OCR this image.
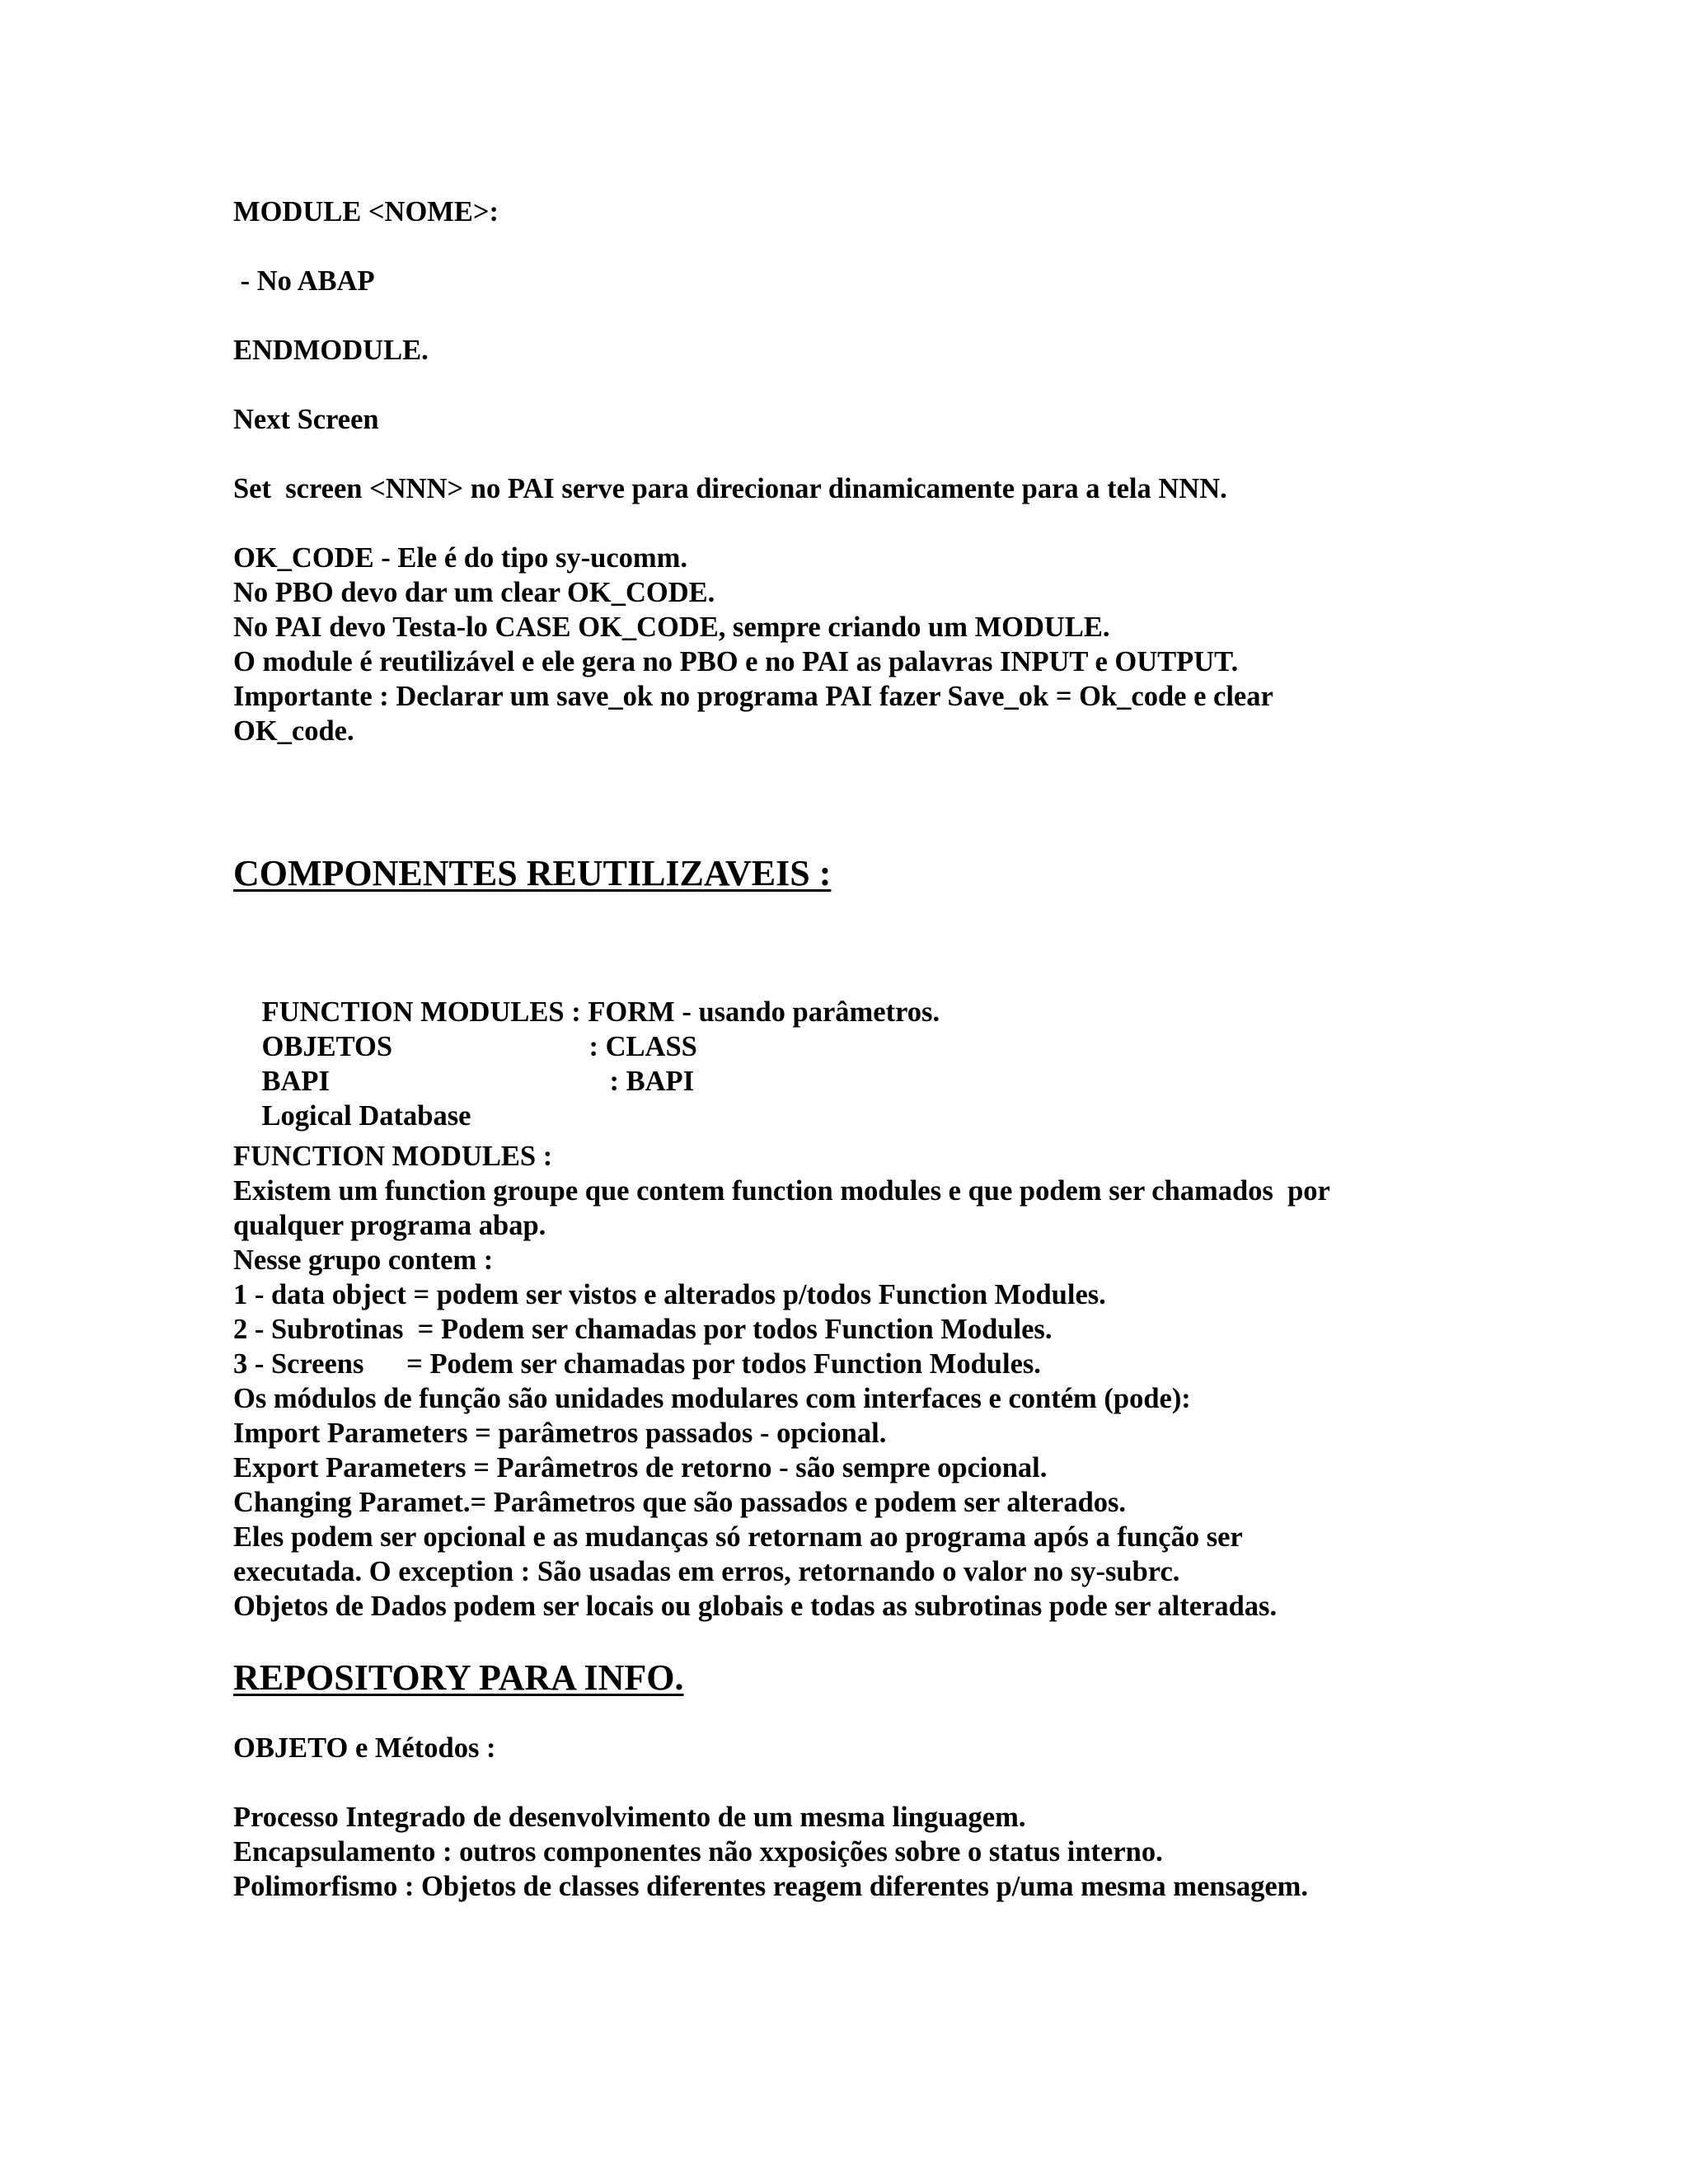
MODULE <NOME>:
- No ABAP
ENDMODULE.
Next Screen
Set  screen <NNN> no PAI serve para direcionar dinamicamente para a tela NNN.
OK_CODE - Ele é do tipo sy-ucomm.
No PBO devo dar um clear OK_CODE.
No PAI devo Testa-lo CASE OK_CODE, sempre criando um MODULE.
O module é reutilizável e ele gera no PBO e no PAI as palavras INPUT e OUTPUT.
Importante : Declarar um save_ok no programa PAI fazer Save_ok = Ok_code e clear
OK_code.
COMPONENTES REUTILIZAVEIS :

FUNCTION MODULES : FORM - usando parâmetros.

OBJETOS	: CLASS

BAPI	: BAPI

Logical Database

FUNCTION MODULES :
Existem um function groupe que contem function modules e que podem ser chamados  por
qualquer programa abap.
Nesse grupo contem :
1 - data object = podem ser vistos e alterados p/todos Function Modules.
2 - Subrotinas  = Podem ser chamadas por todos Function Modules.
3 - Screens      = Podem ser chamadas por todos Function Modules.
Os módulos de função são unidades modulares com interfaces e contém (pode):
Import Parameters = parâmetros passados - opcional.
Export Parameters = Parâmetros de retorno - são sempre opcional.
Changing Paramet.= Parâmetros que são passados e podem ser alterados.
Eles podem ser opcional e as mudanças só retornam ao programa após a função ser
executada. O exception : São usadas em erros, retornando o valor no sy-subrc.
Objetos de Dados podem ser locais ou globais e todas as subrotinas pode ser alteradas.
REPOSITORY PARA INFO.
OBJETO e Métodos :
Processo Integrado de desenvolvimento de um mesma linguagem.
Encapsulamento : outros componentes não xxposições sobre o status interno.
Polimorfismo : Objetos de classes diferentes reagem diferentes p/uma mesma mensagem.
